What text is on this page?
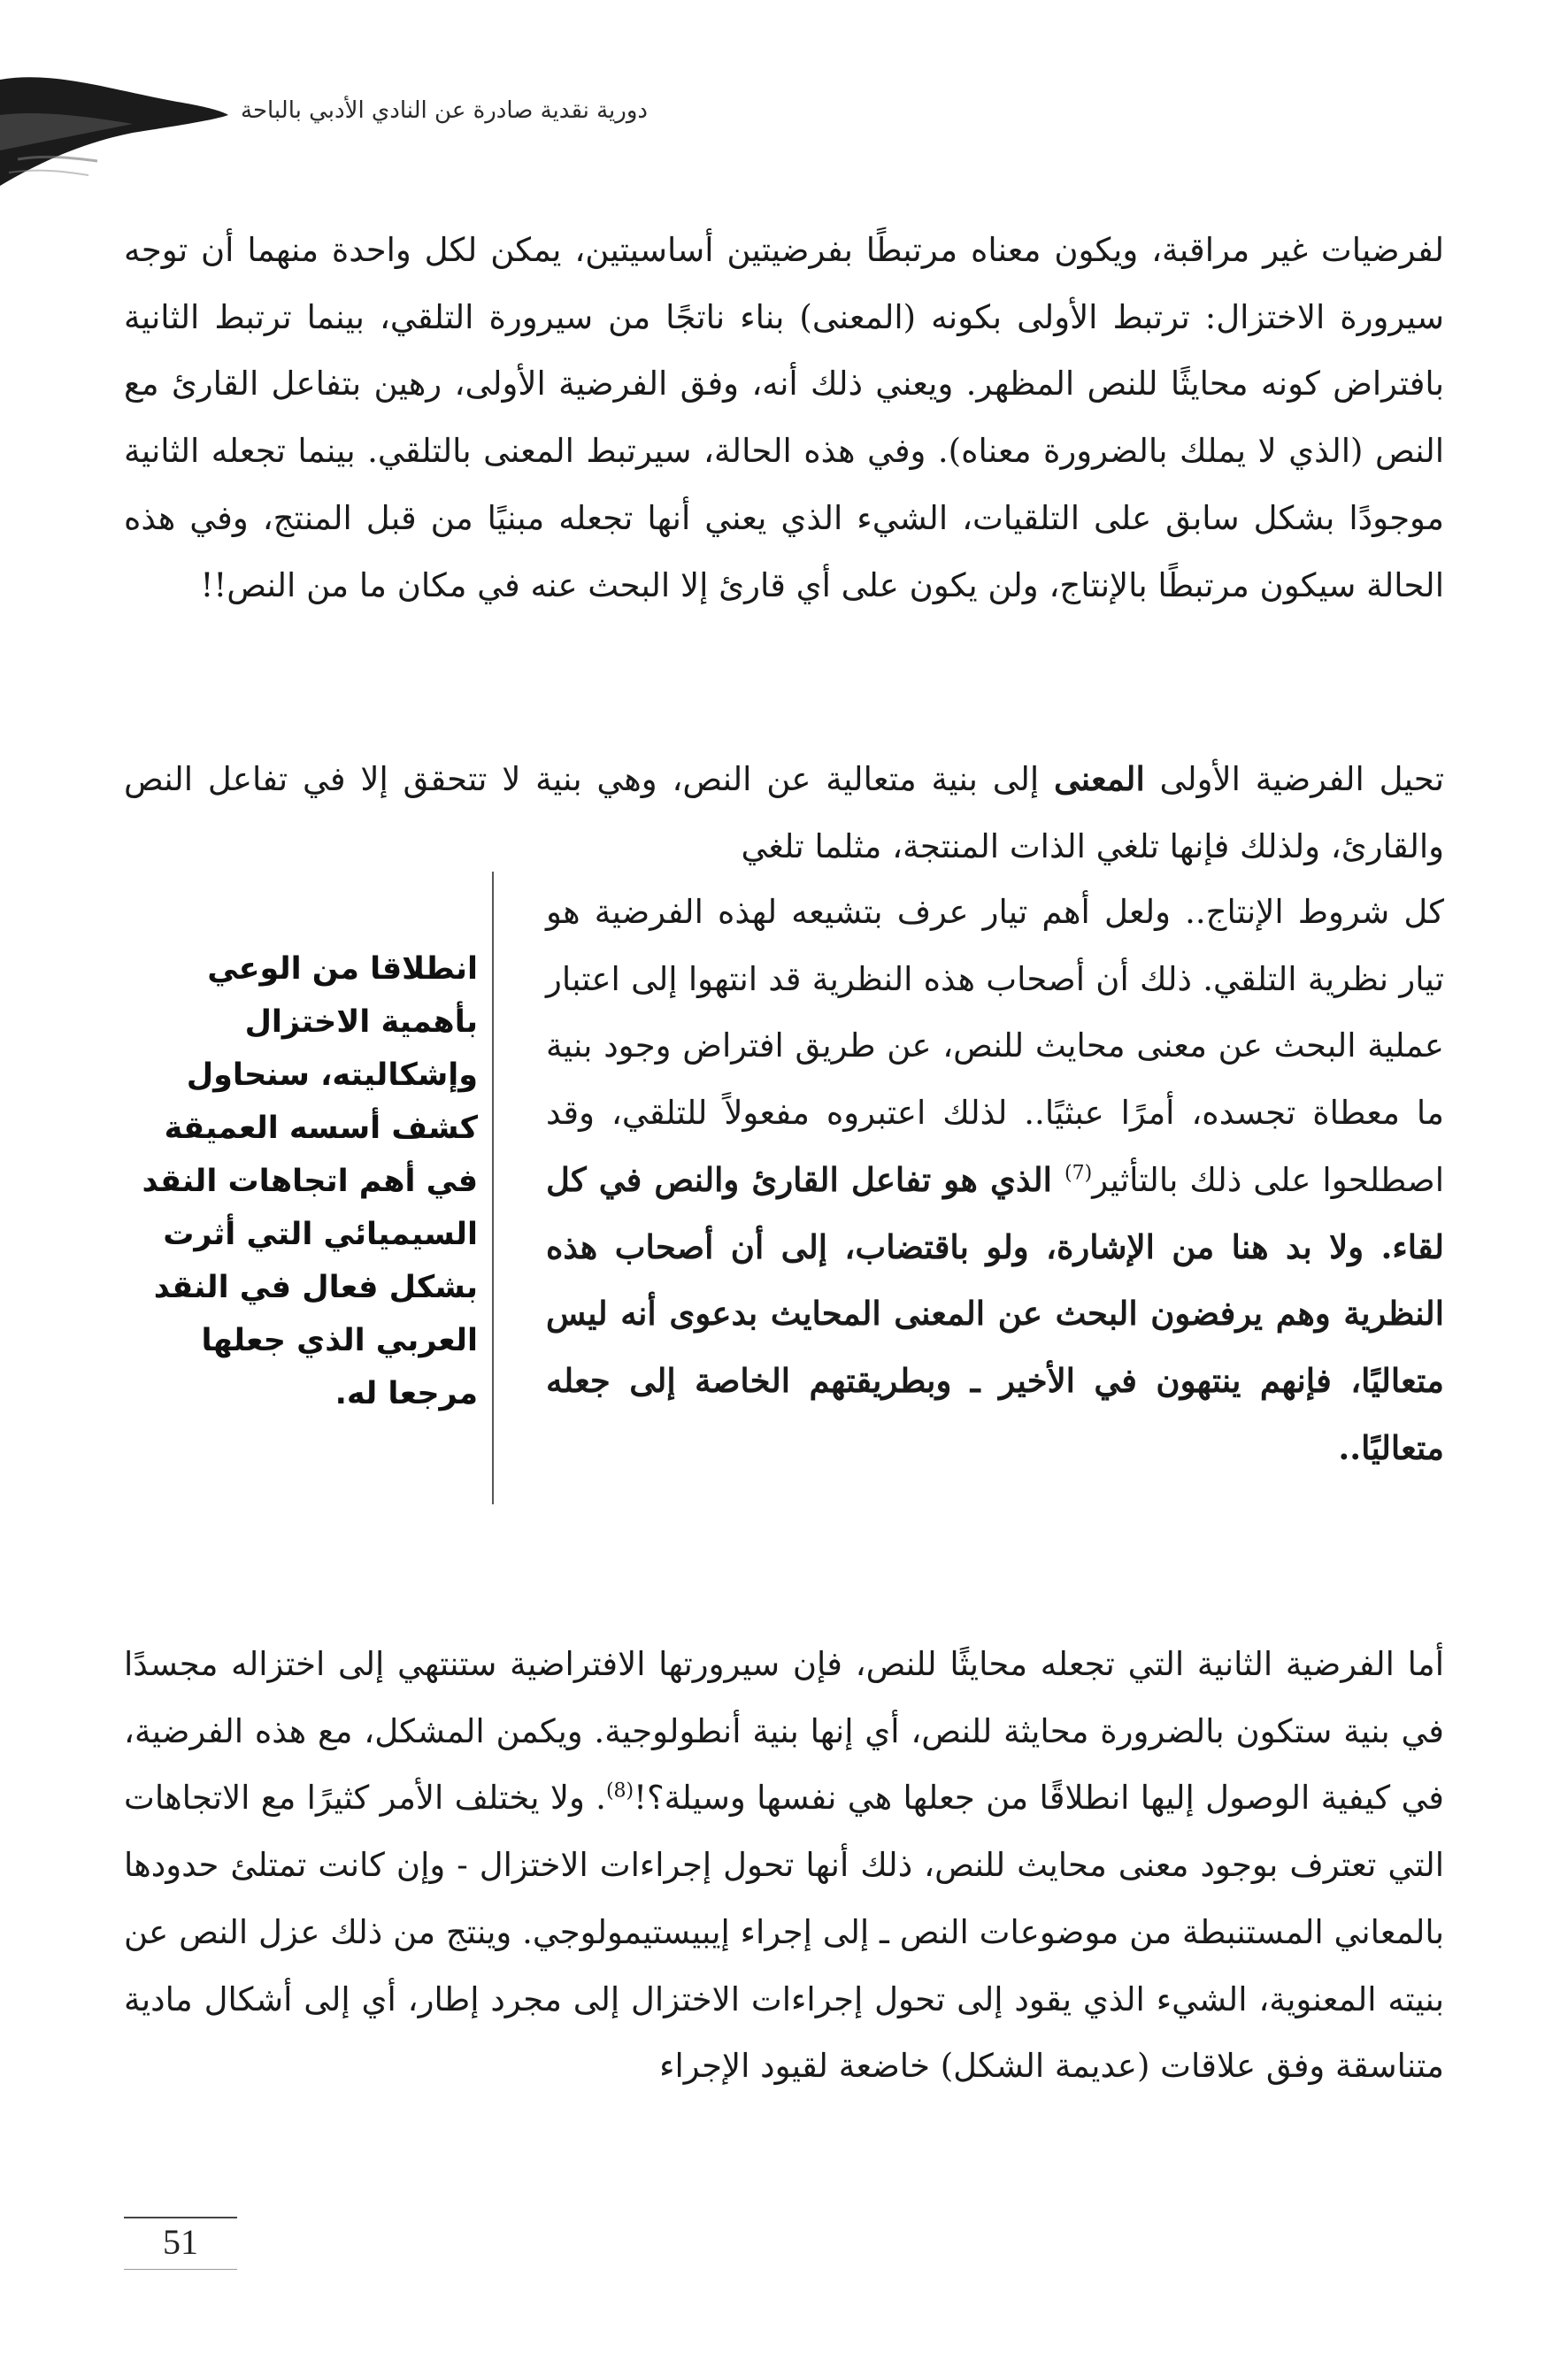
دورية نقدية صادرة عن النادي الأدبي بالباحة

لفرضيات غير مراقبة، ويكون معناه مرتبطًا بفرضيتين أساسيتين، يمكن لكل واحدة منهما أن توجه سيرورة الاختزال: ترتبط الأولى بكونه (المعنى) بناء ناتجًا من سيرورة التلقي، بينما ترتبط الثانية بافتراض كونه محايثًا للنص المظهر. ويعني ذلك أنه، وفق الفرضية الأولى، رهين بتفاعل القارئ مع النص (الذي لا يملك بالضرورة معناه). وفي هذه الحالة، سيرتبط المعنى بالتلقي. بينما تجعله الثانية موجودًا بشكل سابق على التلقيات، الشيء الذي يعني أنها تجعله مبنيًا من قبل المنتج، وفي هذه الحالة سيكون مرتبطًا بالإنتاج، ولن يكون على أي قارئ إلا البحث عنه في مكان ما من النص!!

تحيل الفرضية الأولى المعنى إلى بنية متعالية عن النص، وهي بنية لا تتحقق إلا في تفاعل النص والقارئ، ولذلك فإنها تلغي الذات المنتجة، مثلما تلغي

كل شروط الإنتاج.. ولعل أهم تيار عرف بتشيعه لهذه الفرضية هو تيار نظرية التلقي. ذلك أن أصحاب هذه النظرية قد انتهوا إلى اعتبار عملية البحث عن معنى محايث للنص، عن طريق افتراض وجود بنية ما معطاة تجسده، أمرًا عبثيًا.. لذلك اعتبروه مفعولاً للتلقي، وقد اصطلحوا على ذلك بالتأثير$^{(7)}$ الذي هو تفاعل القارئ والنص في كل لقاء. ولا بد هنا من الإشارة، ولو باقتضاب، إلى أن أصحاب هذه النظرية وهم يرفضون البحث عن المعنى المحايث بدعوى أنه ليس متعاليًا، فإنهم ينتهون في الأخير ـ وبطريقتهم الخاصة إلى جعله متعاليًا..

انطلاقا من الوعي بأهمية الاختزال وإشكاليته، سنحاول كشف أسسه العميقة في أهم اتجاهات النقد السيميائي التي أثرت بشكل فعال في النقد العربي الذي جعلها مرجعا له.

أما الفرضية الثانية التي تجعله محايثًا للنص، فإن سيرورتها الافتراضية ستنتهي إلى اختزاله مجسدًا في بنية ستكون بالضرورة محايثة للنص، أي إنها بنية أنطولوجية. ويكمن المشكل، مع هذه الفرضية، في كيفية الوصول إليها انطلاقًا من جعلها هي نفسها وسيلة؟!$^{(8)}$. ولا يختلف الأمر كثيرًا مع الاتجاهات التي تعترف بوجود معنى محايث للنص، ذلك أنها تحول إجراءات الاختزال - وإن كانت تمتلئ حدودها بالمعاني المستنبطة من موضوعات النص ـ إلى إجراء إيبيستيمولوجي. وينتج من ذلك عزل النص عن بنيته المعنوية، الشيء الذي يقود إلى تحول إجراءات الاختزال إلى مجرد إطار، أي إلى أشكال مادية متناسقة وفق علاقات (عديمة الشكل) خاضعة لقيود الإجراء

51
